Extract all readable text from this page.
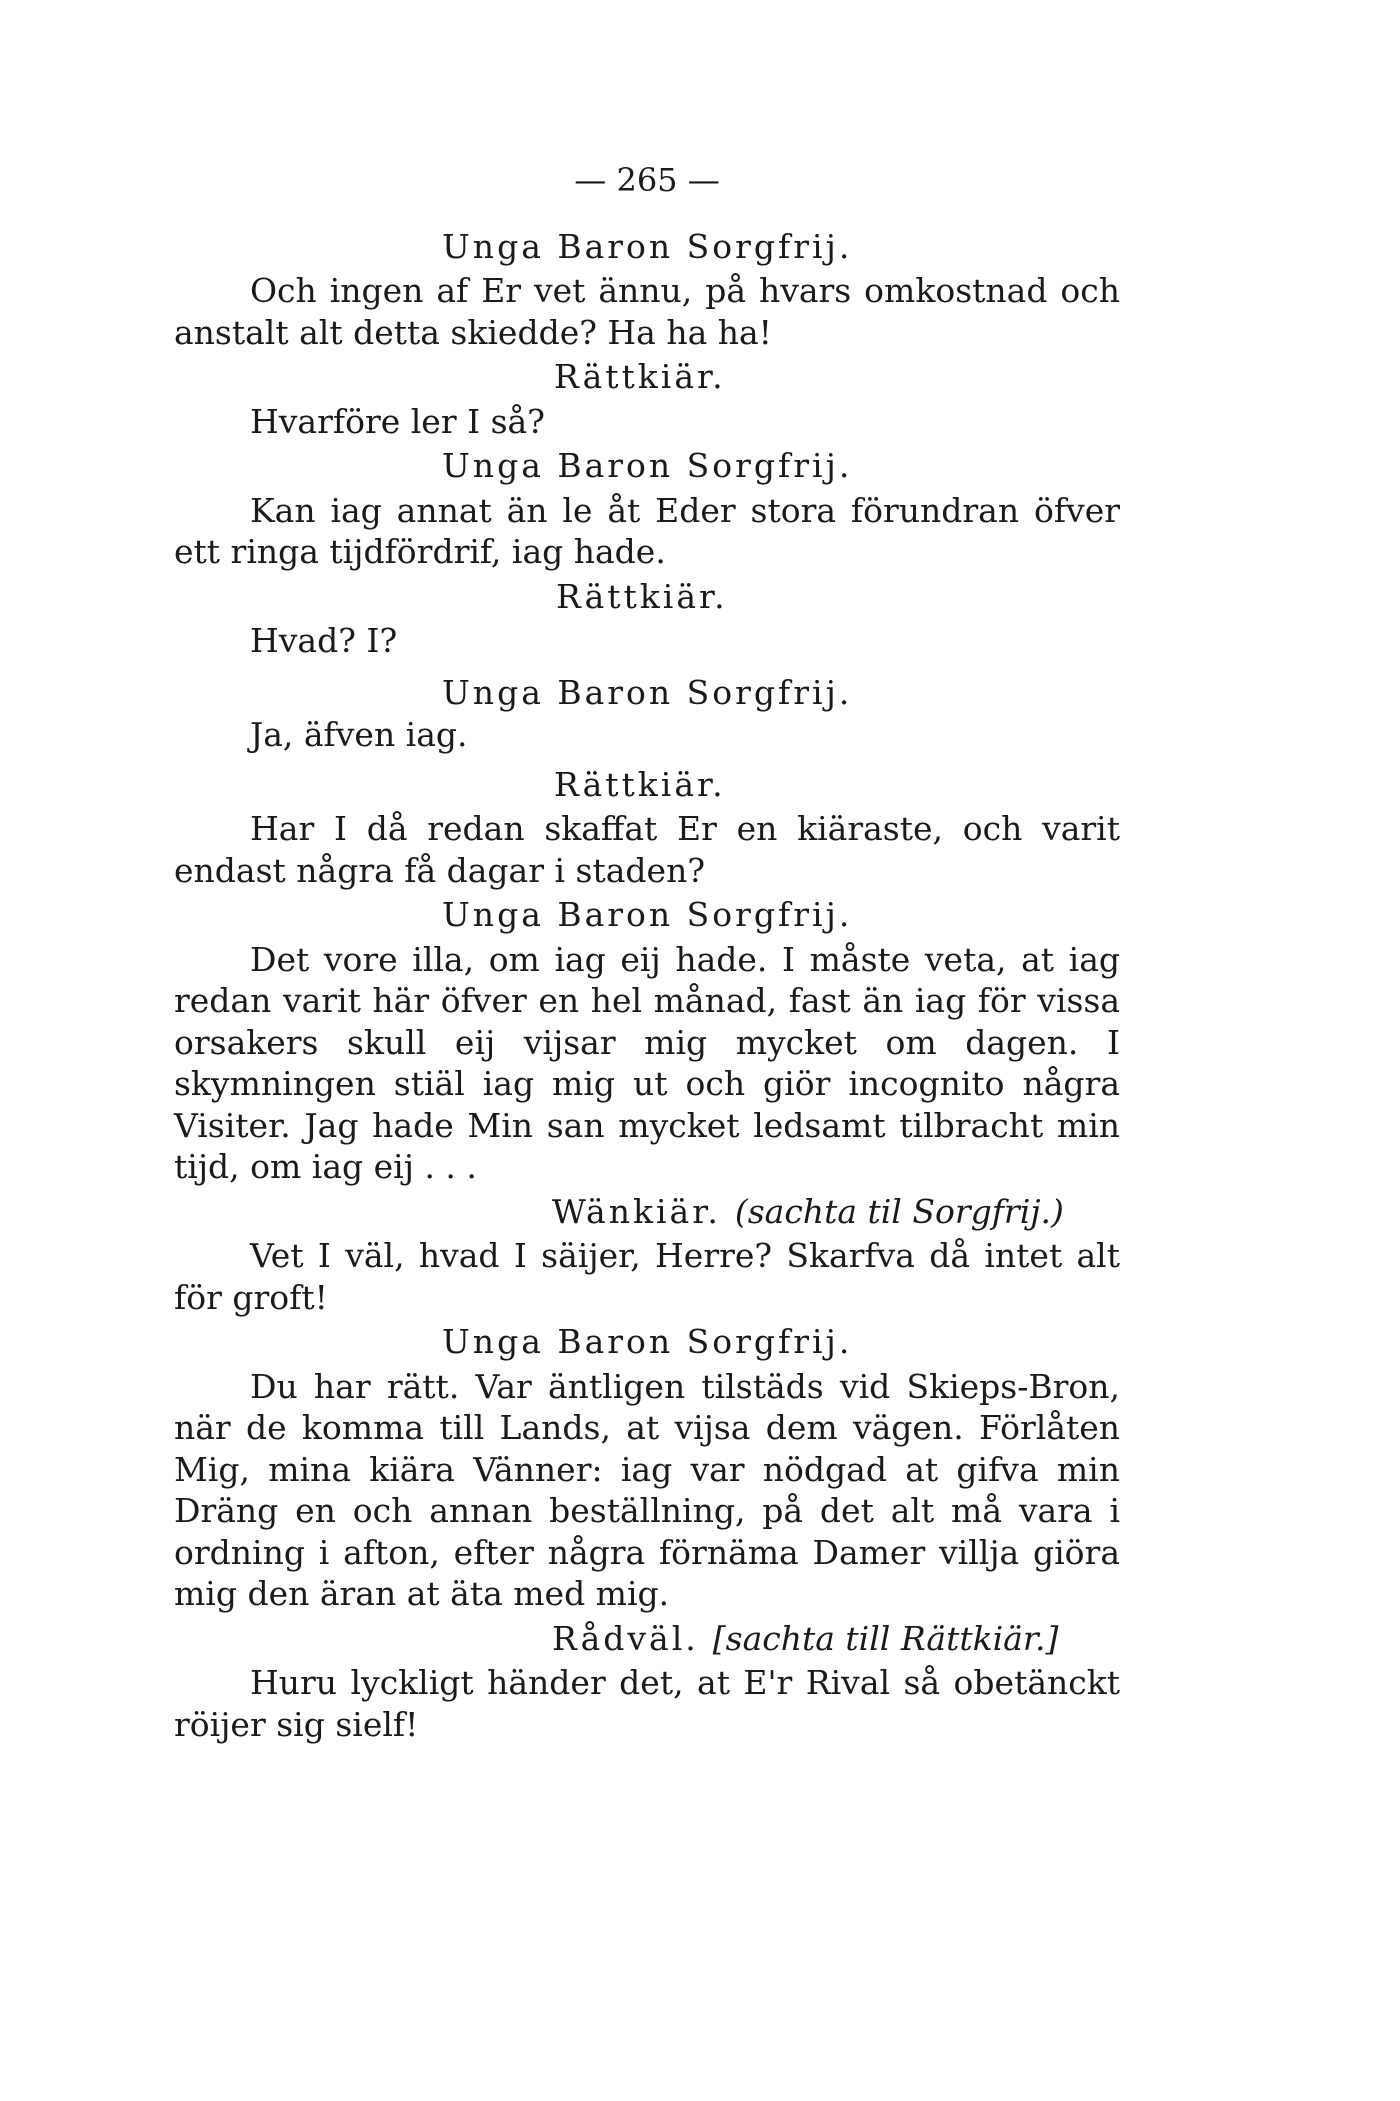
— 265 —
Unga Baron Sorgfrij.
Och ingen af Er vet ännu, på hvars omkostnad och anstalt alt detta skiedde? Ha ha ha!
Rättkiär.
Hvarföre ler I så?
Unga Baron Sorgfrij.
Kan iag annat än le åt Eder stora förundran öfver ett ringa tijdfördrif, iag hade.
Rättkiär.
Hvad? I?
Unga Baron Sorgfrij.
Ja, äfven iag.
Rättkiär.
Har I då redan skaffat Er en kiäraste, och varit endast några få dagar i staden?
Unga Baron Sorgfrij.
Det vore illa, om iag eij hade. I måste veta, at iag redan varit här öfver en hel månad, fast än iag för vissa orsakers skull eij vijsar mig mycket om dagen. I skymningen stiäl iag mig ut och giör incognito några Visiter. Jag hade Min san mycket ledsamt tilbracht min tijd, om iag eij . . .
Wänkiär. (sachta til Sorgfrij.)
Vet I väl, hvad I säijer, Herre? Skarfva då intet alt för groft!
Unga Baron Sorgfrij.
Du har rätt. Var äntligen tilstäds vid Skieps-Bron, när de komma till Lands, at vijsa dem vägen. Förlåten Mig, mina kiära Vänner: iag var nödgad at gifva min Dräng en och annan beställning, på det alt må vara i ordning i afton, efter några förnäma Damer villja giöra mig den äran at äta med mig.
Rådväl. [sachta till Rättkiär.]
Huru lyckligt händer det, at E'r Rival så obetänckt röijer sig sielf!
